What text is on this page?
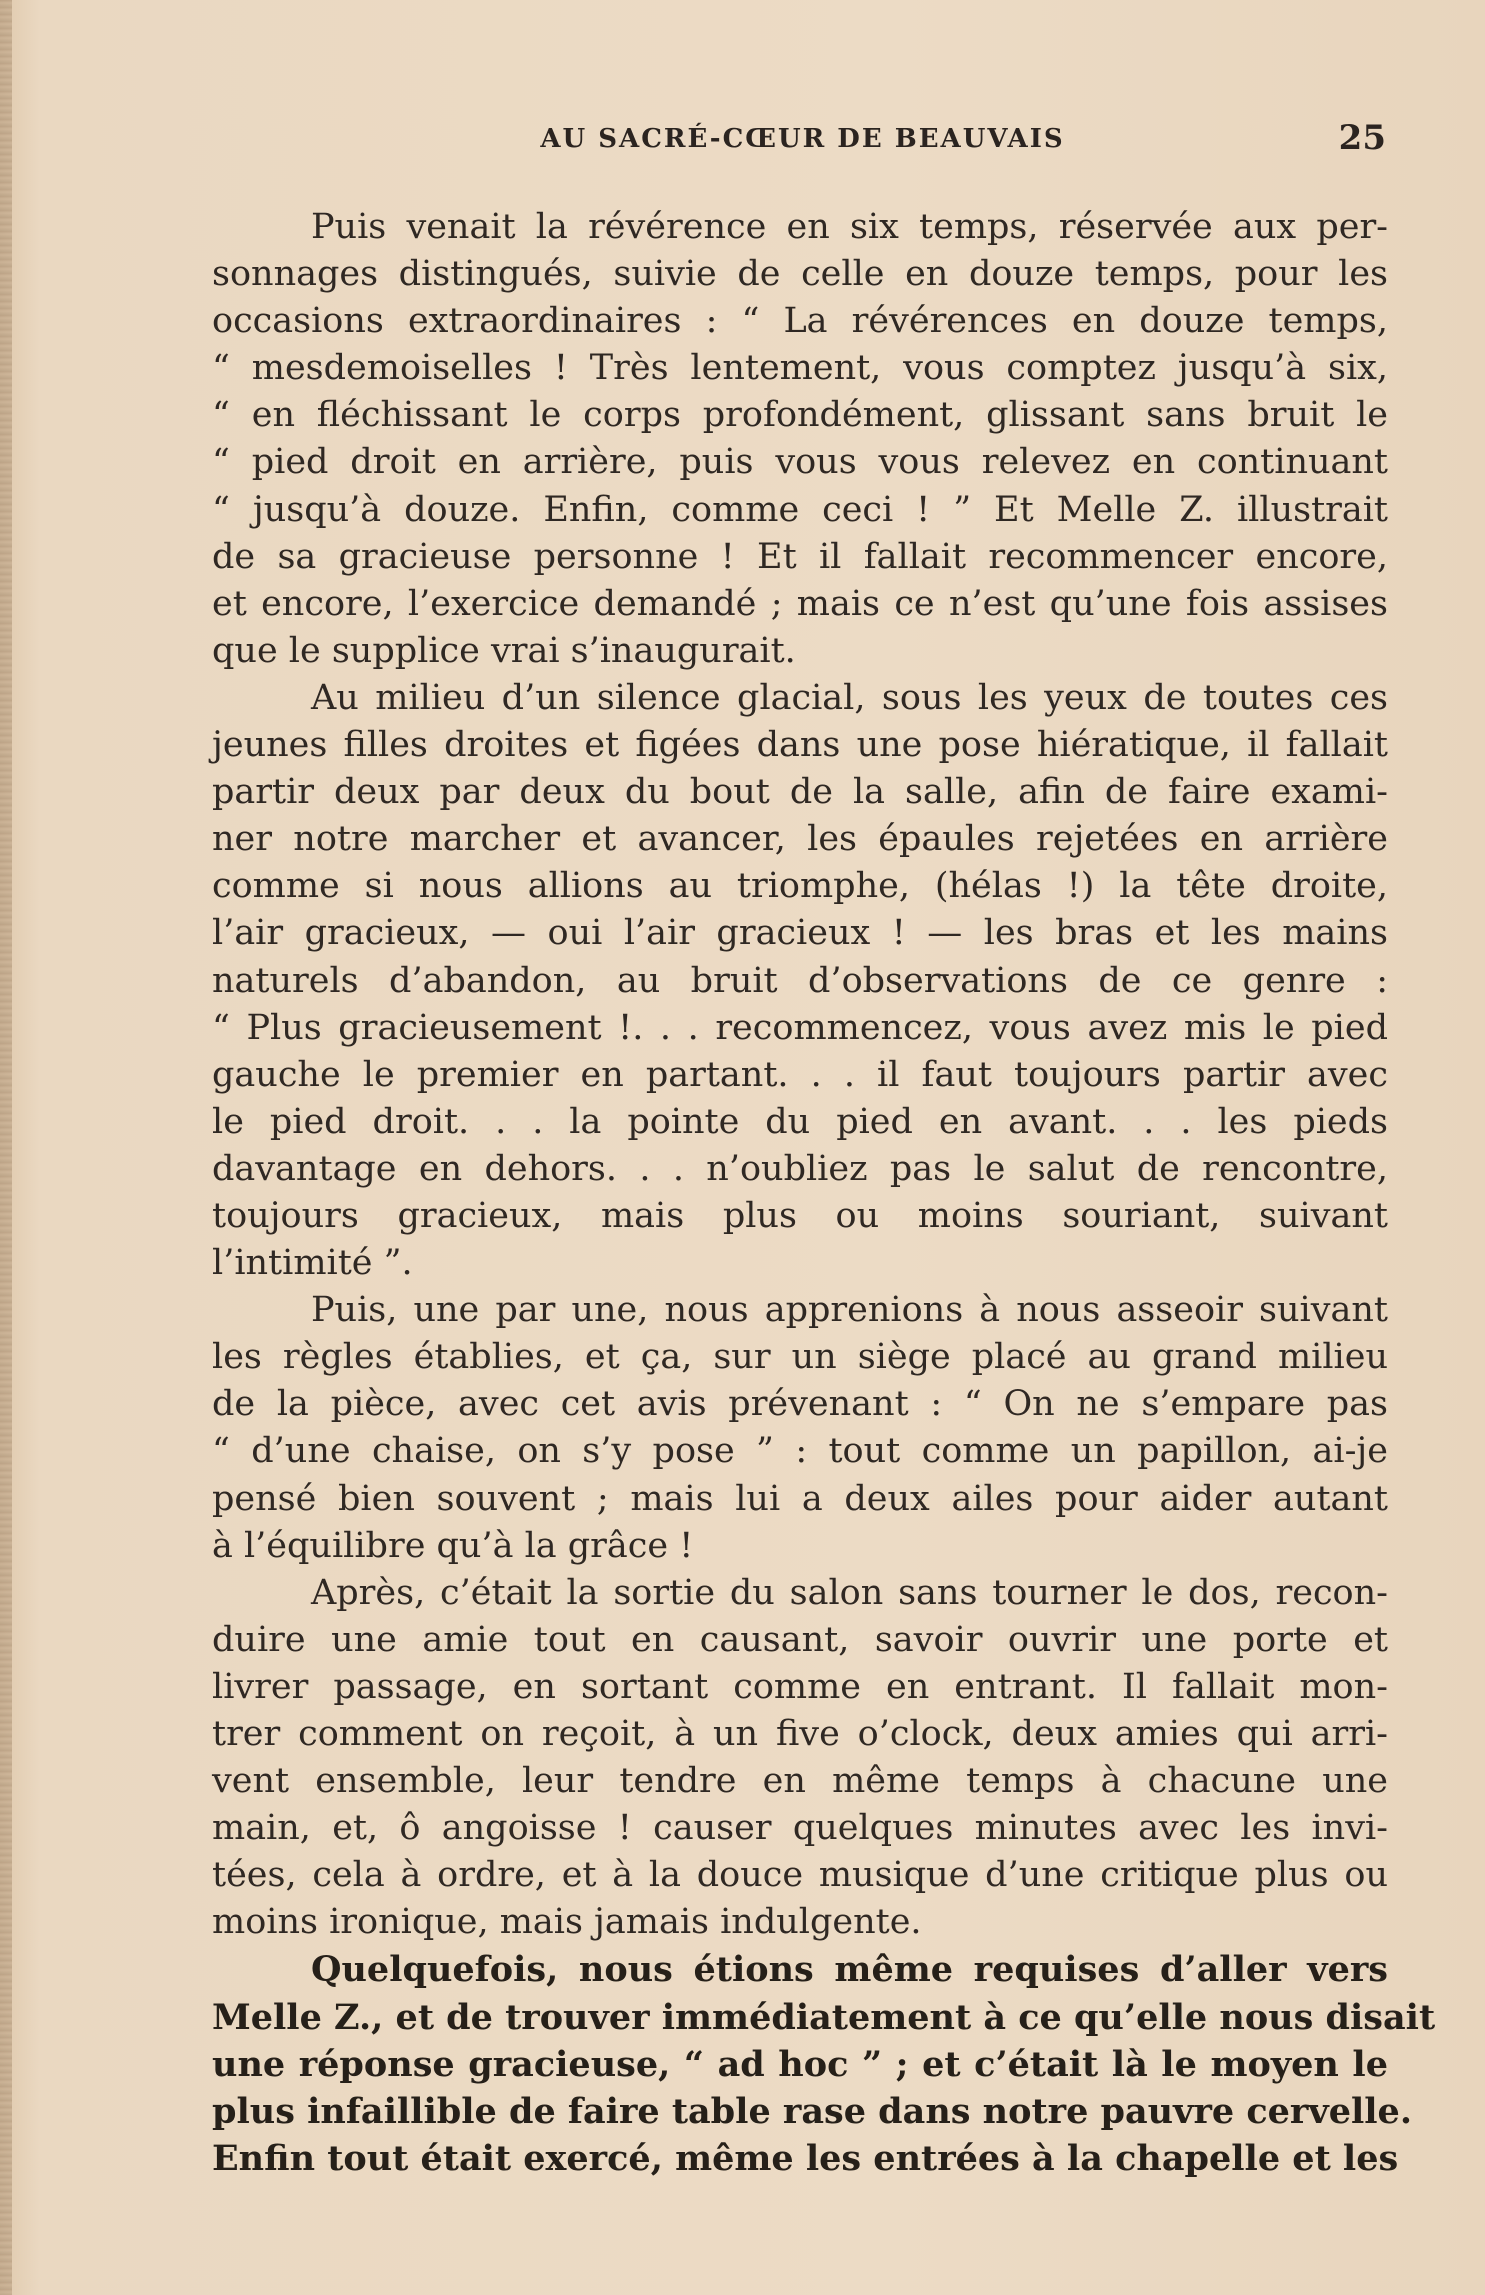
AU SACRÉ-CŒUR DE BEAUVAIS	25
Puis venait la révérence en six temps, réservée aux per-
sonnages distingués, suivie de celle en douze temps, pour les
occasions extraordinaires : “ La révérences en douze temps,
“ mesdemoiselles ! Très lentement, vous comptez jusqu’à six,
“ en fléchissant le corps profondément, glissant sans bruit le
“ pied droit en arrière, puis vous vous relevez en continuant
“ jusqu’à douze. Enfin, comme ceci ! ” Et Melle Z. illustrait
de sa gracieuse personne ! Et il fallait recommencer encore,
et encore, l’exercice demandé ; mais ce n’est qu’une fois assises
que le supplice vrai s’inaugurait.
Au milieu d’un silence glacial, sous les yeux de toutes ces
jeunes filles droites et figées dans une pose hiératique, il fallait
partir deux par deux du bout de la salle, afin de faire exami-
ner notre marcher et avancer, les épaules rejetées en arrière
comme si nous allions au triomphe, (hélas !) la tête droite,
l’air gracieux, — oui l’air gracieux ! — les bras et les mains
naturels d’abandon, au bruit d’observations de ce genre :
“ Plus gracieusement !. . . recommencez, vous avez mis le pied
gauche le premier en partant. . . il faut toujours partir avec
le pied droit. . . la pointe du pied en avant. . . les pieds
davantage en dehors. . . n’oubliez pas le salut de rencontre,
toujours gracieux, mais plus ou moins souriant, suivant
l’intimité ”.
Puis, une par une, nous apprenions à nous asseoir suivant
les règles établies, et ça, sur un siège placé au grand milieu
de la pièce, avec cet avis prévenant : “ On ne s’empare pas
“ d’une chaise, on s’y pose ” : tout comme un papillon, ai-je
pensé bien souvent ; mais lui a deux ailes pour aider autant
à l’équilibre qu’à la grâce !
Après, c’était la sortie du salon sans tourner le dos, recon-
duire une amie tout en causant, savoir ouvrir une porte et
livrer passage, en sortant comme en entrant. Il fallait mon-
trer comment on reçoit, à un five o’clock, deux amies qui arri-
vent ensemble, leur tendre en même temps à chacune une
main, et, ô angoisse ! causer quelques minutes avec les invi-
tées, cela à ordre, et à la douce musique d’une critique plus ou
moins ironique, mais jamais indulgente.
Quelquefois, nous étions même requises d’aller vers
Melle Z., et de trouver immédiatement à ce qu’elle nous disait
une réponse gracieuse, “ ad hoc ” ; et c’était là le moyen le
plus infaillible de faire table rase dans notre pauvre cervelle.
Enfin tout était exercé, même les entrées à la chapelle et les
